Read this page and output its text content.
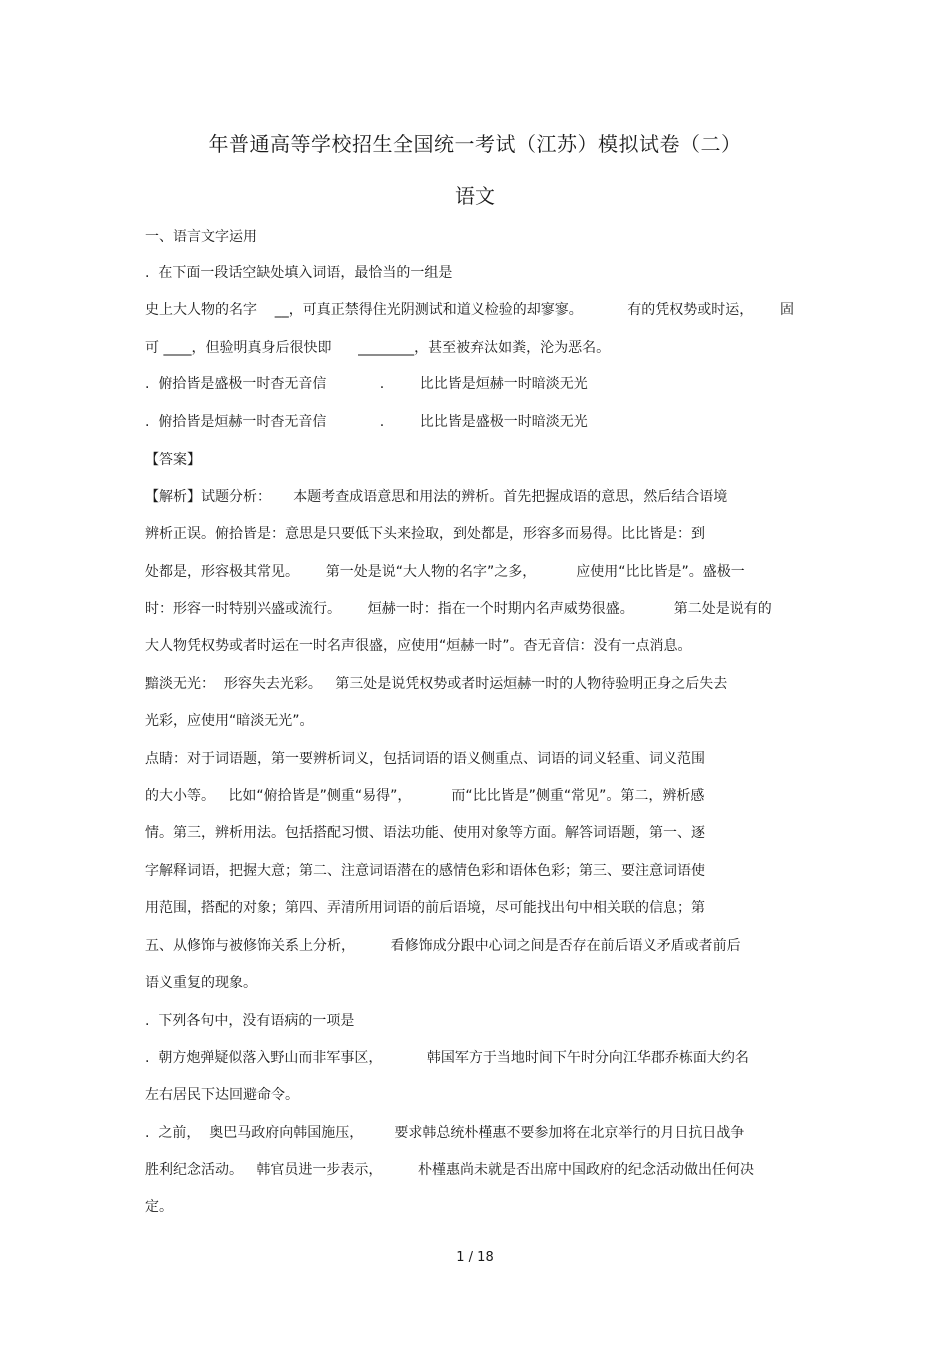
年普通高等学校招生全国统一考试（江苏）模拟试卷（二）
语文
一、语言文字运用
.  在下面一段话空缺处填入词语，最恰当的一组是
史上大人物的名字    __，可真正禁得住光阴测试和道义检验的却寥寥。          有的凭权势或时运，      固
可 ____，但验明真身后很快即      ________，甚至被弃汰如粪，沦为恶名。
.  俯拾皆是盛极一时杳无音信            .        比比皆是烜赫一时暗淡无光
.  俯拾皆是烜赫一时杳无音信            .        比比皆是盛极一时暗淡无光
【答案】
【解析】试题分析：     本题考查成语意思和用法的辨析。首先把握成语的意思，然后结合语境
辨析正误。俯拾皆是：意思是只要低下头来捡取，到处都是，形容多而易得。比比皆是：到
处都是，形容极其常见。      第一处是说“大人物的名字”之多，         应使用“比比皆是”。盛极一
时：形容一时特别兴盛或流行。      烜赫一时：指在一个时期内名声威势很盛。         第二处是说有的
大人物凭权势或者时运在一时名声很盛，应使用“烜赫一时”。杳无音信：没有一点消息。
黯淡无光：  形容失去光彩。   第三处是说凭权势或者时运烜赫一时的人物待验明正身之后失去
光彩，应使用“暗淡无光”。
点睛：对于词语题，第一要辨析词义，包括词语的语义侧重点、词语的词义轻重、词义范围
的大小等。   比如“俯拾皆是”侧重“易得”，         而“比比皆是”侧重“常见”。第二，辨析感
情。第三，辨析用法。包括搭配习惯、语法功能、使用对象等方面。解答词语题，第一、逐
字解释词语，把握大意；第二、注意词语潜在的感情色彩和语体色彩；第三、要注意词语使
用范围，搭配的对象；第四、弄清所用词语的前后语境，尽可能找出句中相关联的信息；第
五、从修饰与被修饰关系上分析，        看修饰成分跟中心词之间是否存在前后语义矛盾或者前后
语义重复的现象。
.  下列各句中，没有语病的一项是
.  朝方炮弹疑似落入野山而非军事区，          韩国军方于当地时间下午时分向江华郡乔栋面大约名
左右居民下达回避命令。
.  之前，  奥巴马政府向韩国施压，       要求韩总统朴槿惠不要参加将在北京举行的月日抗日战争
胜利纪念活动。   韩官员进一步表示，        朴槿惠尚未就是否出席中国政府的纪念活动做出任何决
定。
1 / 18
